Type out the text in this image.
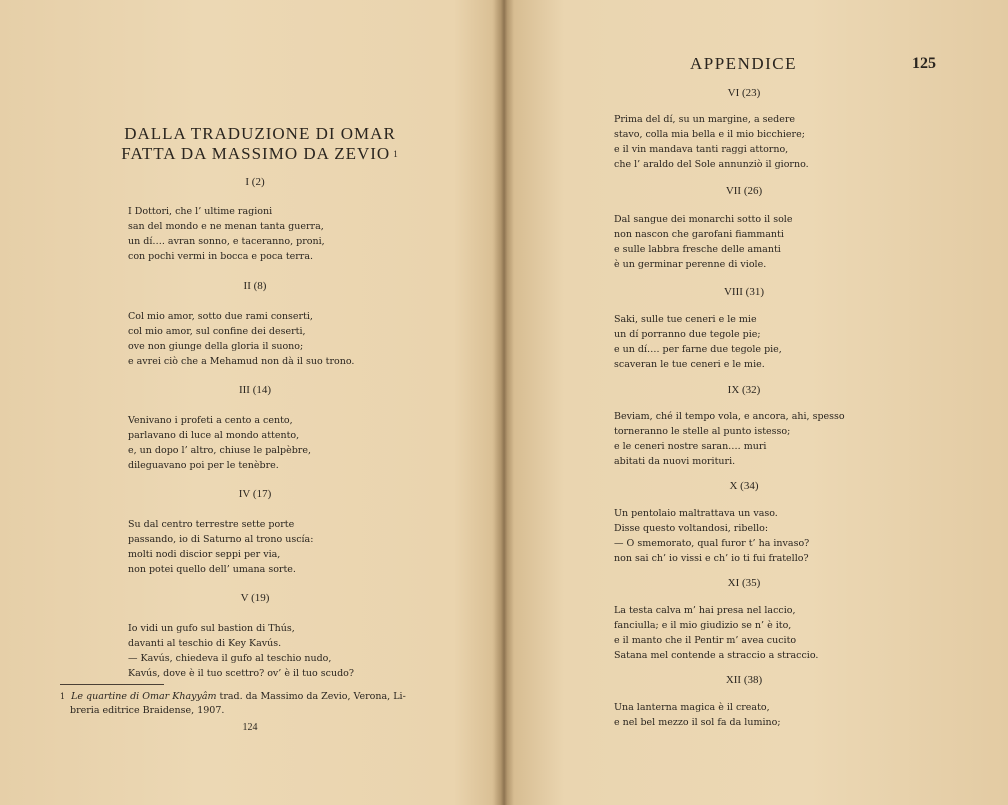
DALLA TRADUZIONE DI OMAR
FATTA DA MASSIMO DA ZEVIO $^1$
I (2)
I Dottori, che l’ ultime ragioni
san del mondo e ne menan tanta guerra,
un dí…. avran sonno, e taceranno, proni,
con pochi vermi in bocca e poca terra.
II (8)
Col mio amor, sotto due rami conserti,
col mio amor, sul confine dei deserti,
ove non giunge della gloria il suono;
e avrei ciò che a Mehamud non dà il suo trono.
III (14)
Venivano i profeti a cento a cento,
parlavano di luce al mondo attento,
e, un dopo l’ altro, chiuse le palpèbre,
dileguavano poi per le tenèbre.
IV (17)
Su dal centro terrestre sette porte
passando, io di Saturno al trono uscía:
molti nodi discior seppi per via,
non potei quello dell’ umana sorte.
V (19)
Io vidi un gufo sul bastion di Thús,
davanti al teschio di Key Kavús.
— Kavús, chiedeva il gufo al teschio nudo,
Kavús, dove è il tuo scettro? ov’ è il tuo scudo?
$^1$ Le quartine di Omar Khayyâm trad. da Massimo da Zevio, Verona, Li-
breria editrice Braidense, 1907.
124
APPENDICE	125
VI (23)
Prima del dí, su un margine, a sedere
stavo, colla mia bella e il mio bicchiere;
e il vin mandava tanti raggi attorno,
che l’ araldo del Sole annunziò il giorno.
VII (26)
Dal sangue dei monarchi sotto il sole
non nascon che garofani fiammanti
e sulle labbra fresche delle amanti
è un germinar perenne di viole.
VIII (31)
Saki, sulle tue ceneri e le mie
un dí porranno due tegole pie;
e un dí…. per farne due tegole pie,
scaveran le tue ceneri e le mie.
IX (32)
Beviam, ché il tempo vola, e ancora, ahi, spesso
torneranno le stelle al punto istesso;
e le ceneri nostre saran…. muri
abitati da nuovi morituri.
X (34)
Un pentolaio maltrattava un vaso.
Disse questo voltandosi, ribello:
— O smemorato, qual furor t’ ha invaso?
non sai ch’ io vissi e ch’ io ti fui fratello?
XI (35)
La testa calva m’ hai presa nel laccio,
fanciulla; e il mio giudizio se n’ è ito,
e il manto che il Pentir m’ avea cucito
Satana mel contende a straccio a straccio.
XII (38)
Una lanterna magica è il creato,
e nel bel mezzo il sol fa da lumino;
